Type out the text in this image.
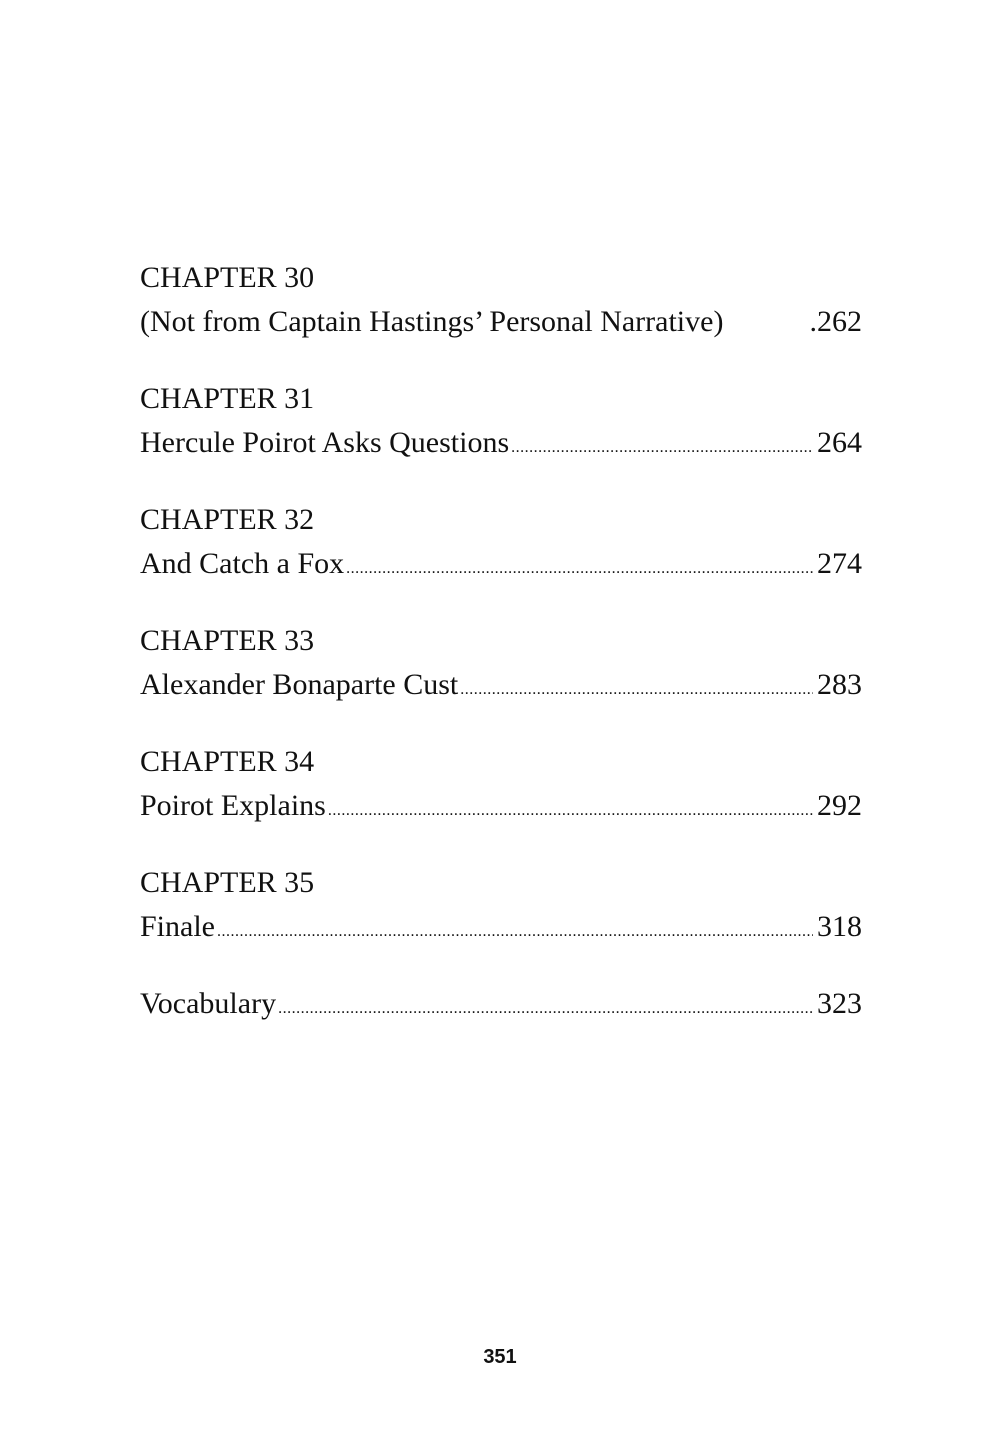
CHAPTER 30
(Not from Captain Hastings’ Personal Narrative)	.262
CHAPTER 31
Hercule Poirot Asks Questions .....	264
CHAPTER 32
And Catch a Fox .....	274
CHAPTER 33
Alexander Bonaparte Cust .....	283
CHAPTER 34
Poirot Explains .....	292
CHAPTER 35
Finale .....	318
Vocabulary .....	323
351
